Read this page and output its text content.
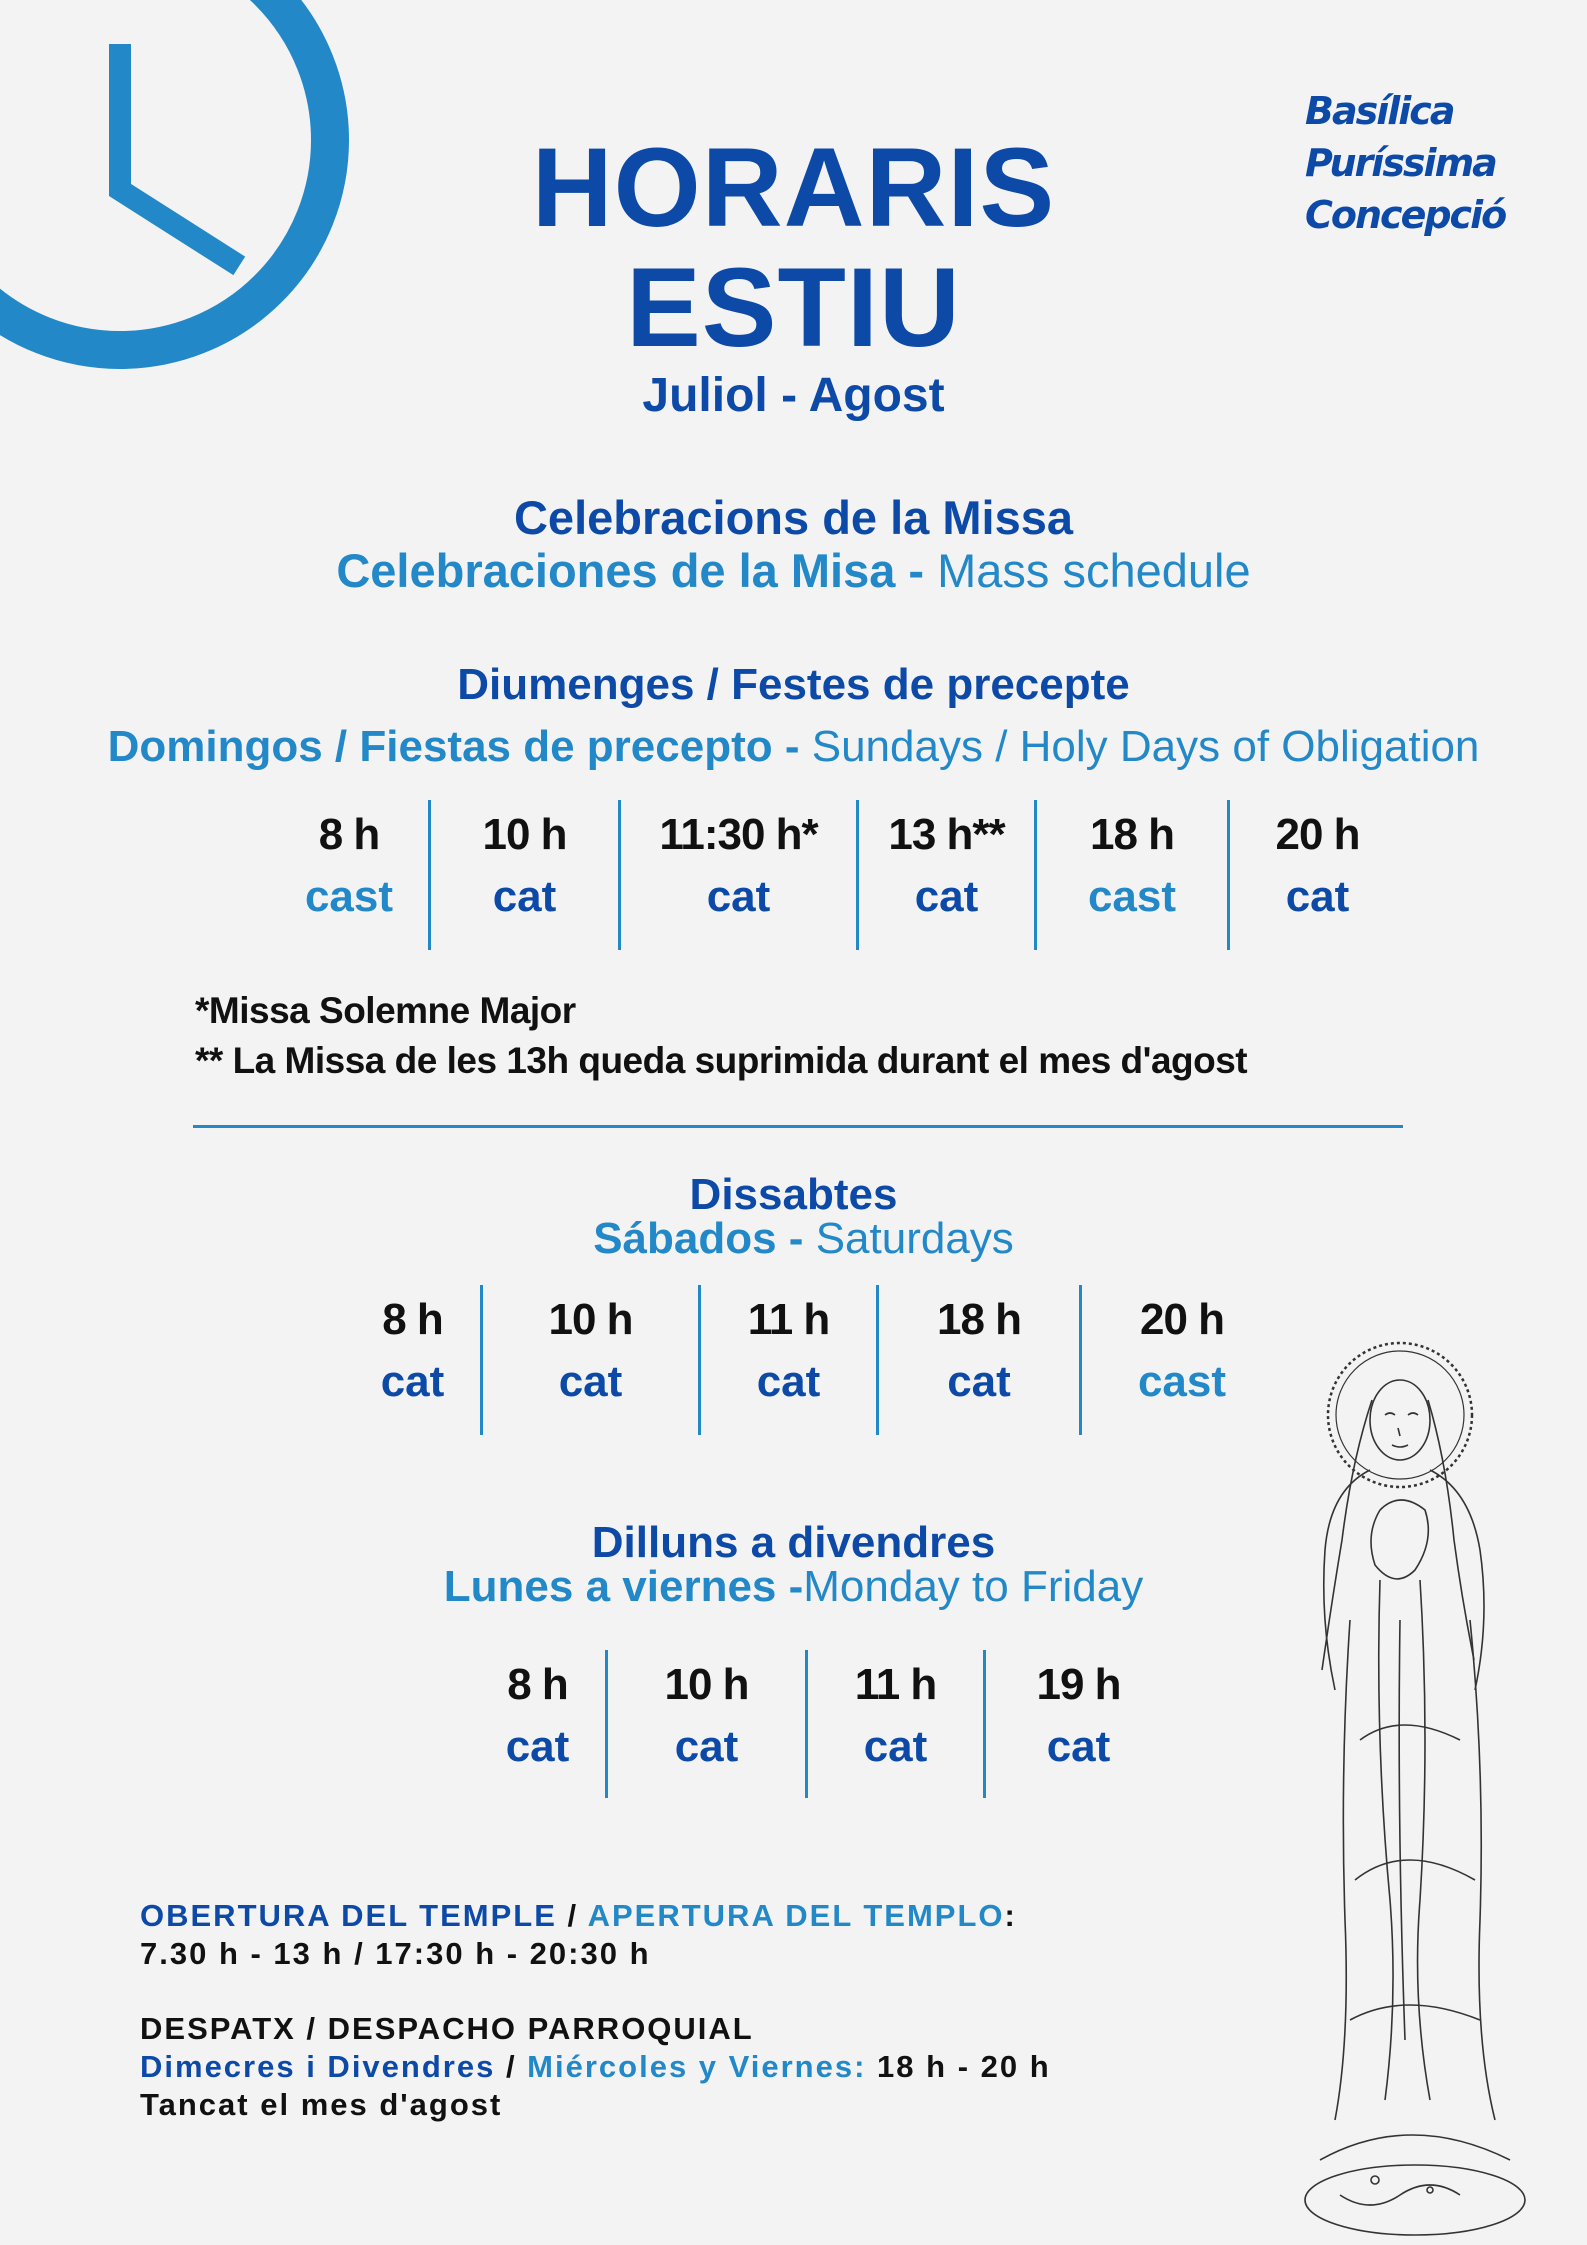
HORARIS
ESTIU
Juliol - Agost
Basílica
Puríssima
Concepció
Celebracions de la Missa
Celebraciones de la Misa - Mass schedule
Diumenges / Festes de precepte
Domingos / Fiestas de precepto - Sundays / Holy Days of Obligation
8 h
cast
10 h
cat
11:30 h*
cat
13 h**
cat
18 h
cast
20 h
cat
*Missa Solemne Major
** La Missa de les 13h queda suprimida durant el mes d'agost
Dissabtes
Sábados - Saturdays
8 h
cat
10 h
cat
11 h
cat
18 h
cat
20 h
cast
Dilluns a divendres
Lunes a viernes -Monday to Friday
8 h
cat
10 h
cat
11 h
cat
19 h
cat
OBERTURA DEL TEMPLE / APERTURA DEL TEMPLO:
7.30 h - 13 h / 17:30 h - 20:30 h
DESPATX / DESPACHO PARROQUIAL
Dimecres i Divendres / Miércoles y Viernes: 18 h - 20 h
Tancat el mes d'agost
